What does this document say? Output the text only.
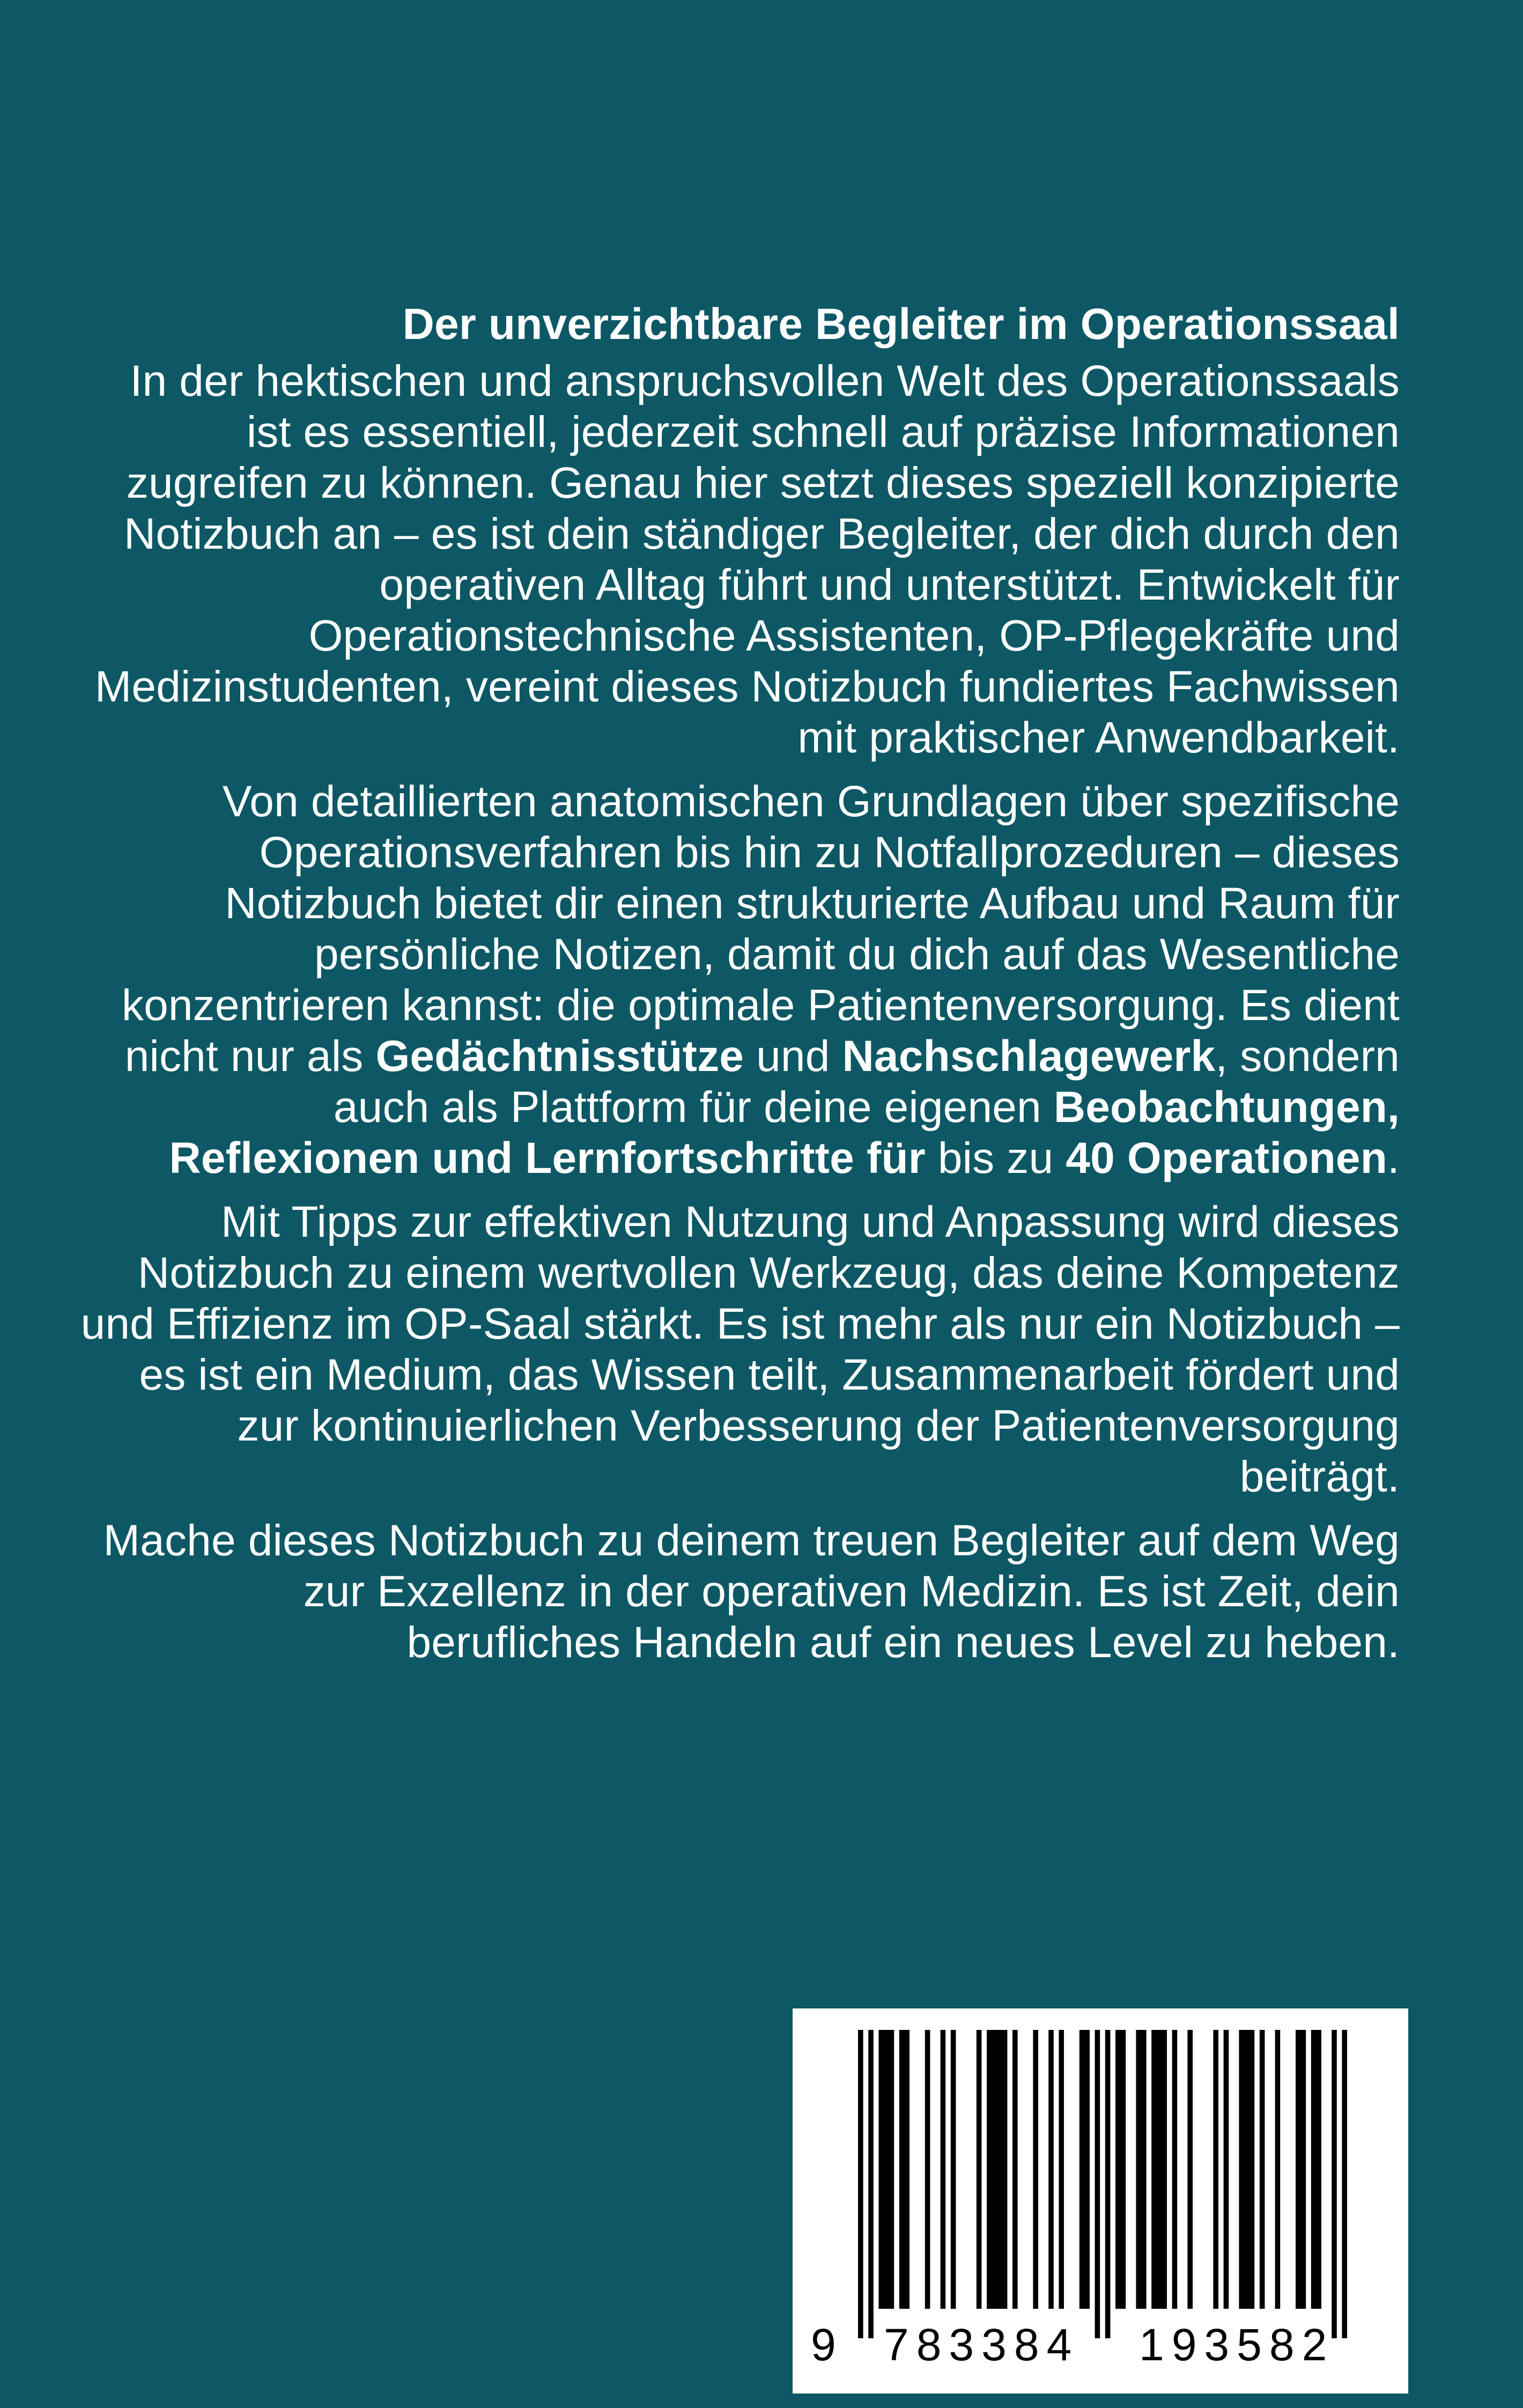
Der unverzichtbare Begleiter im Operationssaal

In der hektischen und anspruchsvollen Welt des Operationssaals ist es essentiell, jederzeit schnell auf präzise Informationen zugreifen zu können. Genau hier setzt dieses speziell konzipierte Notizbuch an – es ist dein ständiger Begleiter, der dich durch den operativen Alltag führt und unterstützt. Entwickelt für Operationstechnische Assistenten, OP-Pflegekräfte und Medizinstudenten, vereint dieses Notizbuch fundiertes Fachwissen mit praktischer Anwendbarkeit.

Von detaillierten anatomischen Grundlagen über spezifische Operationsverfahren bis hin zu Notfallprozeduren – dieses Notizbuch bietet dir einen strukturierte Aufbau und Raum für persönliche Notizen, damit du dich auf das Wesentliche konzentrieren kannst: die optimale Patientenversorgung. Es dient nicht nur als Gedächtnisstütze und Nachschlagewerk, sondern auch als Plattform für deine eigenen Beobachtungen, Reflexionen und Lernfortschritte für bis zu 40 Operationen.

Mit Tipps zur effektiven Nutzung und Anpassung wird dieses Notizbuch zu einem wertvollen Werkzeug, das deine Kompetenz und Effizienz im OP-Saal stärkt. Es ist mehr als nur ein Notizbuch – es ist ein Medium, das Wissen teilt, Zusammenarbeit fördert und zur kontinuierlichen Verbesserung der Patientenversorgung beiträgt.

Mache dieses Notizbuch zu deinem treuen Begleiter auf dem Weg zur Exzellenz in der operativen Medizin. Es ist Zeit, dein berufliches Handeln auf ein neues Level zu heben.

9 783384 193582
